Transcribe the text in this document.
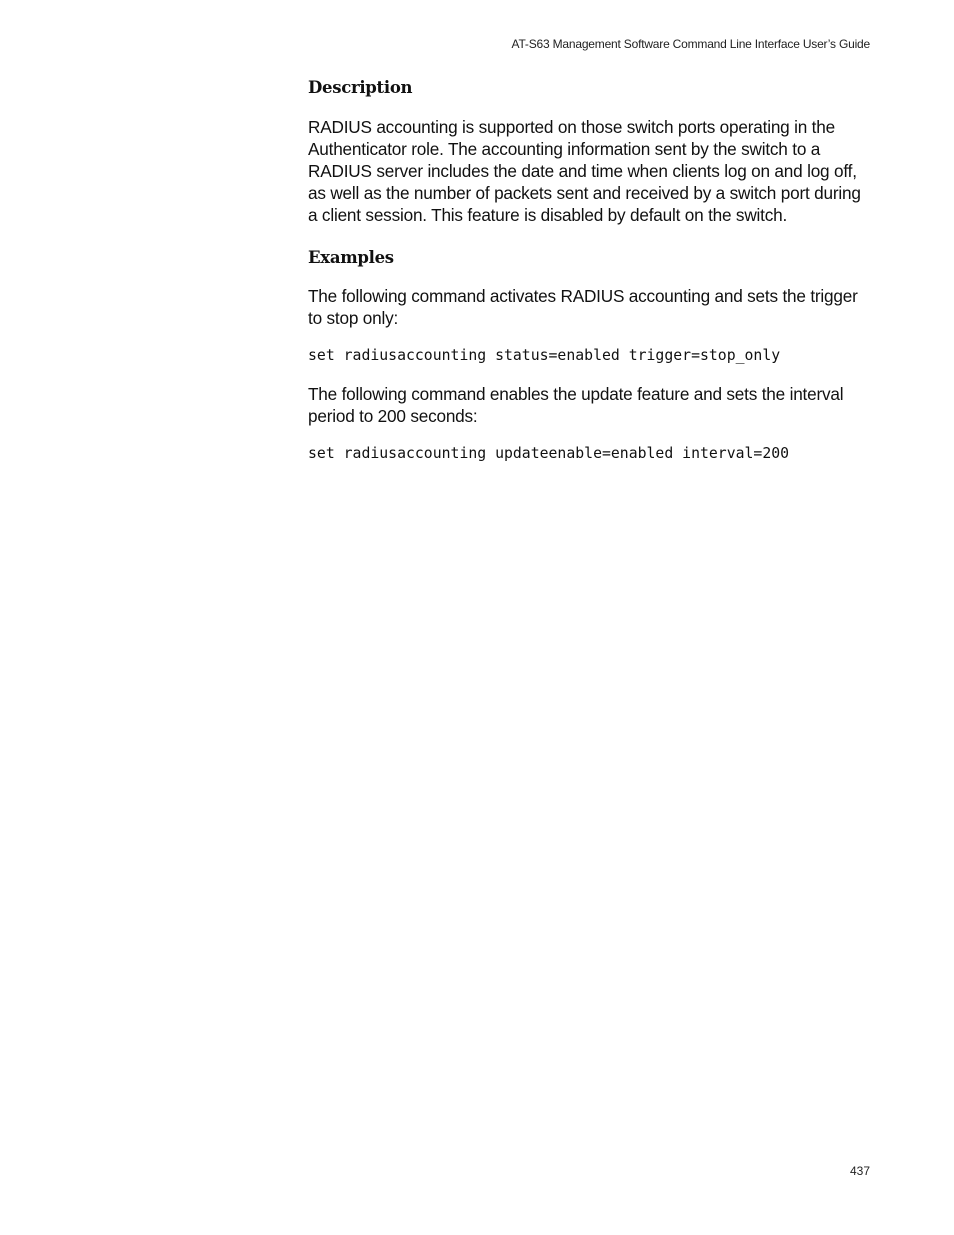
AT-S63 Management Software Command Line Interface User’s Guide
Description

RADIUS accounting is supported on those switch ports operating in the Authenticator role. The accounting information sent by the switch to a RADIUS server includes the date and time when clients log on and log off, as well as the number of packets sent and received by a switch port during a client session. This feature is disabled by default on the switch.

Examples

The following command activates RADIUS accounting and sets the trigger to stop only:

set radiusaccounting status=enabled trigger=stop_only

The following command enables the update feature and sets the interval period to 200 seconds:

set radiusaccounting updateenable=enabled interval=200
437
